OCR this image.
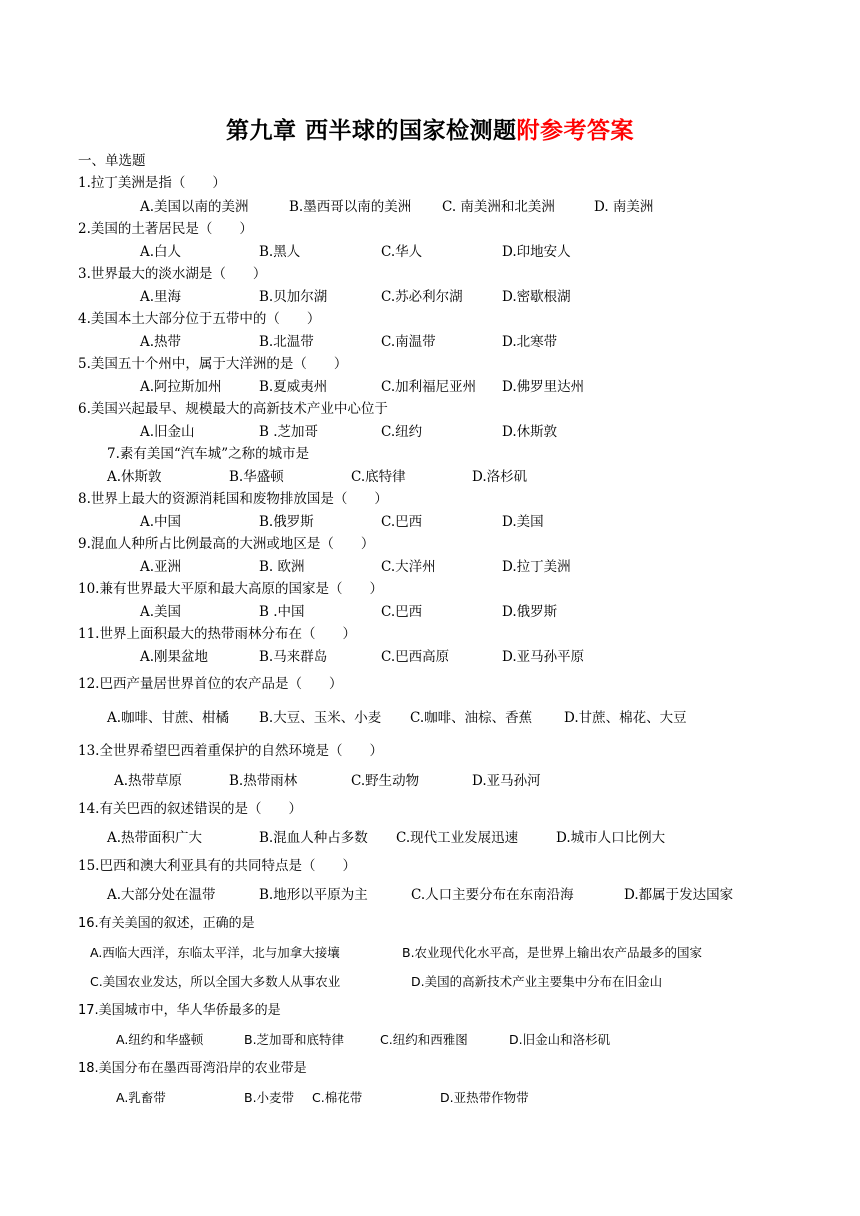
第九章 西半球的国家检测题附参考答案
一、单选题
1.拉丁美洲是指（　　）
A.美国以南的美洲	B.墨西哥以南的美洲 C. 南美洲和北美洲	D. 南美洲
2.美国的土著居民是（　　）
A.白人	B.黑人	C.华人	D.印地安人
3.世界最大的淡水湖是（　　）
A.里海	B.贝加尔湖	C.苏必利尔湖	D.密歇根湖
4.美国本土大部分位于五带中的（　　）
A.热带	B.北温带	C.南温带	D.北寒带
5.美国五十个州中，属于大洋洲的是（　　）
A.阿拉斯加州	B.夏威夷州	C.加利福尼亚州 D.佛罗里达州
6.美国兴起最早、规模最大的高新技术产业中心位于
A.旧金山	B .芝加哥	C.纽约	D.休斯敦
7.素有美国“汽车城”之称的城市是
A.休斯敦	B.华盛顿	C.底特律	D.洛杉矶
8.世界上最大的资源消耗国和废物排放国是（　　）
A.中国	B.俄罗斯	C.巴西	D.美国
9.混血人种所占比例最高的大洲或地区是（　　）
A.亚洲	B. 欧洲	C.大洋州	D.拉丁美洲
10.兼有世界最大平原和最大高原的国家是（　　）
A.美国	B .中国	C.巴西	D.俄罗斯
11.世界上面积最大的热带雨林分布在（　　）
A.刚果盆地	B.马来群岛	C.巴西高原	D.亚马孙平原
12.巴西产量居世界首位的农产品是（　　）
A.咖啡、甘蔗、柑橘 B.大豆、玉米、小麦 C.咖啡、油棕、香蕉 D.甘蔗、棉花、大豆
13.全世界希望巴西着重保护的自然环境是（　　）
A.热带草原	B.热带雨林	C.野生动物	D.亚马孙河
14.有关巴西的叙述错误的是（　　）
A.热带面积广大	B.混血人种占多数 C.现代工业发展迅速	D.城市人口比例大
15.巴西和澳大利亚具有的共同特点是（　　）
A.大部分处在温带	B.地形以平原为主	C.人口主要分布在东南沿海	D.都属于发达国家
16.有关美国的叙述，正确的是
A.西临大西洋，东临太平洋，北与加拿大接壤	B.农业现代化水平高，是世界上输出农产品最多的国家
C.美国农业发达，所以全国大多数人从事农业	D.美国的高新技术产业主要集中分布在旧金山
17.美国城市中，华人华侨最多的是
A.纽约和华盛顿	B.芝加哥和底特律	C.纽约和西雅图	D.旧金山和洛杉矶
18.美国分布在墨西哥湾沿岸的农业带是
A.乳畜带	B.小麦带 C.棉花带	D.亚热带作物带
